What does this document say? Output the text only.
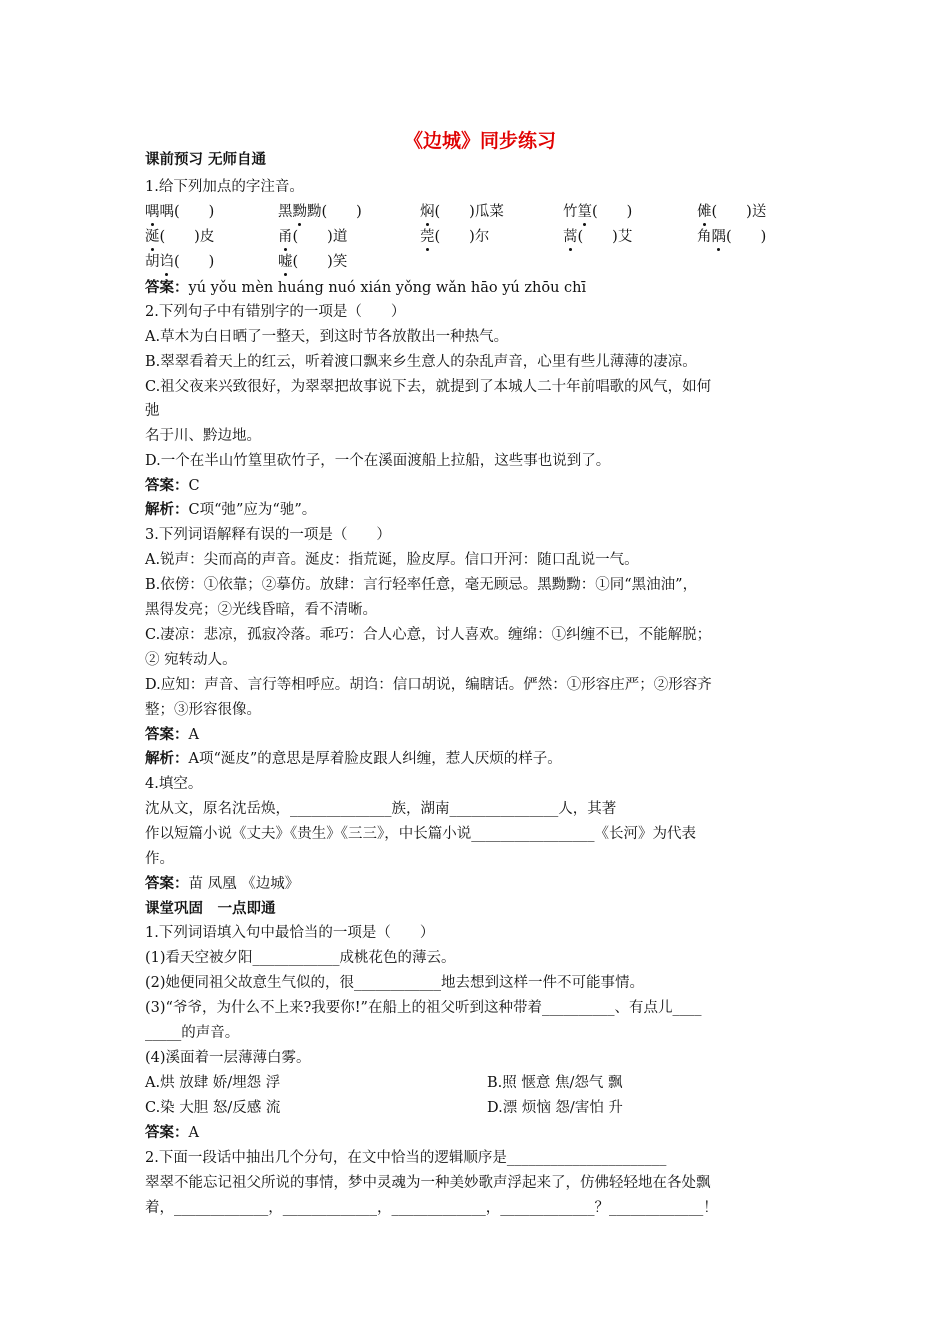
《边城》同步练习
课前预习 无师自通
1.给下列加点的字注音。
喁喁(　　)	黑黝黝(　　)	焖(　　)瓜菜	竹篁(　　)	傩(　　)送
涎(　　)皮	甬(　　)道	莞(　　)尔	蒿(　　)艾	角隅(　　)
胡诌(　　)	嘘(　　)笑
答案：yú yǒu mèn huáng nuó xián yǒng wǎn hāo yú zhōu chī
2.下列句子中有错别字的一项是（　　）
A.草木为白日晒了一整天，到这时节各放散出一种热气。
B.翠翠看着天上的红云，听着渡口飘来乡生意人的杂乱声音，心里有些儿薄薄的凄凉。
C.祖父夜来兴致很好，为翠翠把故事说下去，就提到了本城人二十年前唱歌的风气，如何
弛
名于川、黔边地。
D.一个在半山竹篁里砍竹子，一个在溪面渡船上拉船，这些事也说到了。
答案：C
解析：C项“弛”应为“驰”。
3.下列词语解释有误的一项是（　　）
A.锐声：尖而高的声音。涎皮：指荒诞，脸皮厚。信口开河：随口乱说一气。
B.依傍：①依靠；②摹仿。放肆：言行轻率任意，毫无顾忌。黑黝黝：①同“黑油油”，
黑得发亮；②光线昏暗，看不清晰。
C.凄凉：悲凉，孤寂冷落。乖巧：合人心意，讨人喜欢。缠绵：①纠缠不已，不能解脱；
② 宛转动人。
D.应知：声音、言行等相呼应。胡诌：信口胡说，编瞎话。俨然：①形容庄严；②形容齐
整；③形容很像。
答案：A
解析：A项“涎皮”的意思是厚着脸皮跟人纠缠，惹人厌烦的样子。
4.填空。
沈从文，原名沈岳焕，______________族，湖南_______________人，其著
作以短篇小说《丈夫》《贵生》《三三》，中长篇小说_________________《长河》为代表
作。
答案：苗 凤凰 《边城》
课堂巩固　一点即通
1.下列词语填入句中最恰当的一项是（　　）
(1)看天空被夕阳____________成桃花色的薄云。
(2)她便同祖父故意生气似的，很____________地去想到这样一件不可能事情。
(3)“爷爷，为什么不上来?我要你!”在船上的祖父听到这种带着__________、有点儿____
_____的声音。
(4)溪面着一层薄薄白雾。
A.烘 放肆 娇/埋怨 浮	B.照 惬意 焦/怨气 飘
C.染 大胆 怒/反感 流	D.漂 烦恼 怨/害怕 升
答案：A
2.下面一段话中抽出几个分句，在文中恰当的逻辑顺序是______________________
翠翠不能忘记祖父所说的事情，梦中灵魂为一种美妙歌声浮起来了，仿佛轻轻地在各处飘
着，_____________，_____________，_____________，_____________？_____________！
